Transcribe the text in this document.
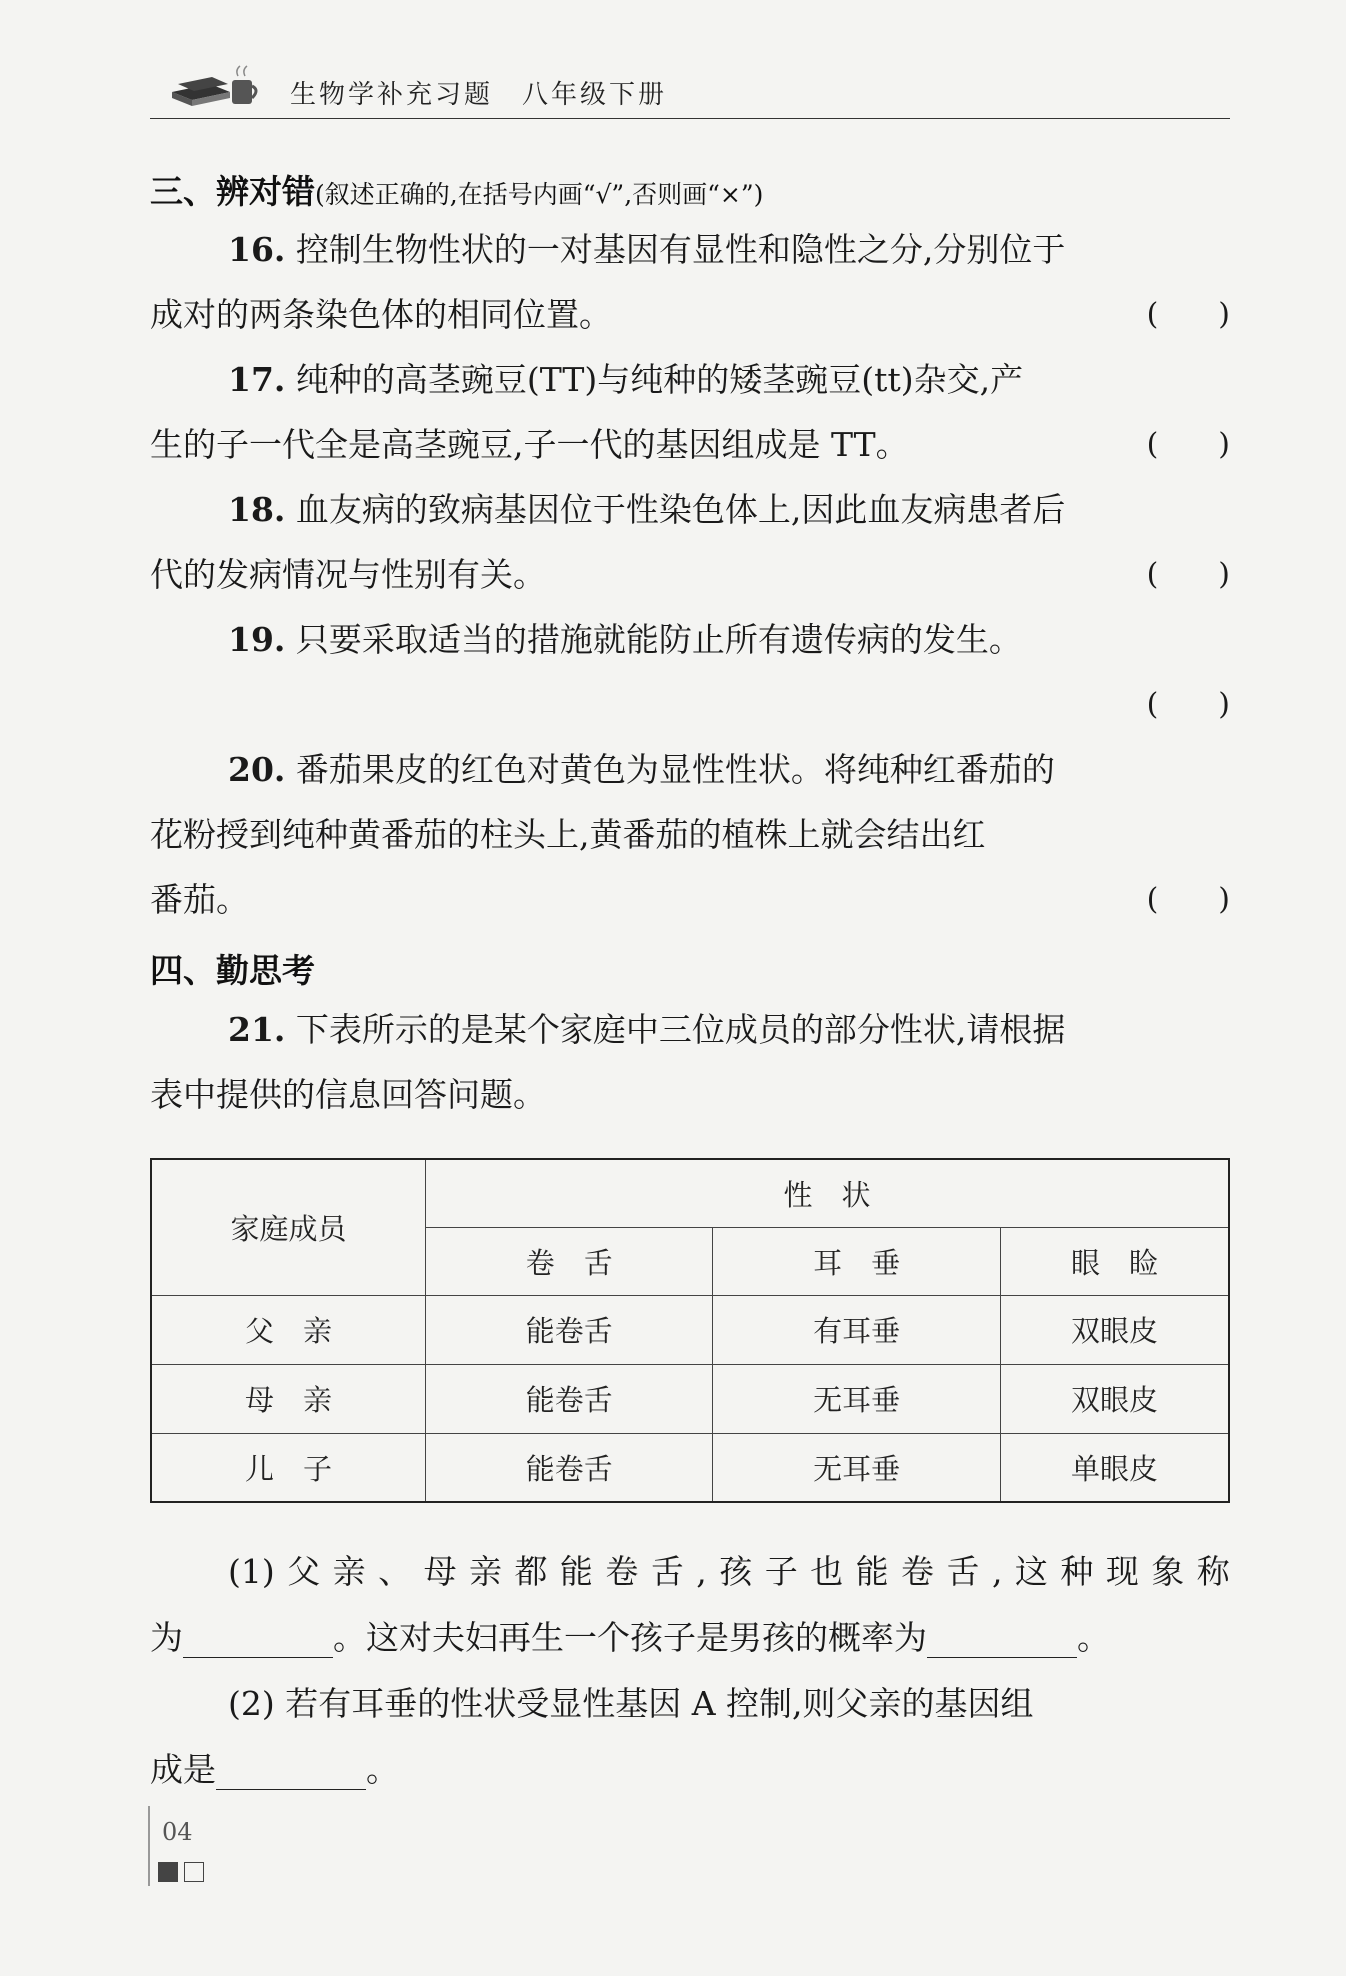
生物学补充习题　八年级下册
三、辨对错(叙述正确的,在括号内画“√”,否则画“×”)
16. 控制生物性状的一对基因有显性和隐性之分,分别位于
成对的两条染色体的相同位置。	(　　)
17. 纯种的高茎豌豆(TT)与纯种的矮茎豌豆(tt)杂交,产
生的子一代全是高茎豌豆,子一代的基因组成是 TT。	(　　)
18. 血友病的致病基因位于性染色体上,因此血友病患者后
代的发病情况与性别有关。	(　　)
19. 只要采取适当的措施就能防止所有遗传病的发生。
(　　)
20. 番茄果皮的红色对黄色为显性性状。将纯种红番茄的
花粉授到纯种黄番茄的柱头上,黄番茄的植株上就会结出红
番茄。	(　　)
四、勤思考
21. 下表所示的是某个家庭中三位成员的部分性状,请根据
表中提供的信息回答问题。
家庭成员	性　状		
	卷　舌	耳　垂	眼　睑
父　亲	能卷舌	有耳垂	双眼皮
母　亲	能卷舌	无耳垂	双眼皮
儿　子	能卷舌	无耳垂	单眼皮
(1) 父 亲 、 母 亲 都 能 卷 舌 , 孩 子 也 能 卷 舌 , 这 种 现 象 称
为	。这对夫妇再生一个孩子是男孩的概率为	。
(2) 若有耳垂的性状受显性基因 A 控制,则父亲的基因组
成是	。
04
